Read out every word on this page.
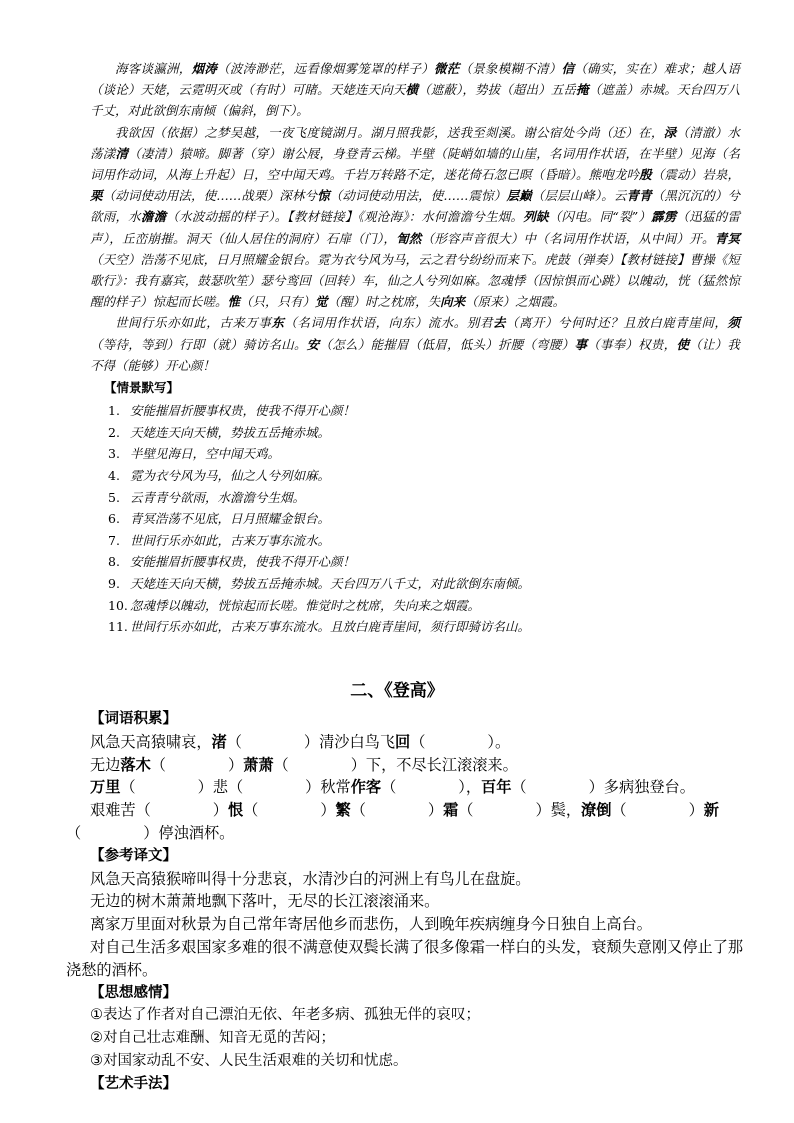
海客谈瀛洲，烟涛（波涛渺茫，远看像烟雾笼罩的样子）微茫（景象模糊不清）信（确实，实在）难求；越人语（谈论）天姥，云霓明灭或（有时）可睹。天姥连天向天横（遮蔽），势拔（超出）五岳掩（遮盖）赤城。天台四万八千丈，对此欲倒东南倾（偏斜，倒下）。

我欲因（依据）之梦吴越，一夜飞度镜湖月。湖月照我影，送我至剡溪。谢公宿处今尚（还）在，渌（清澈）水荡漾清（凄清）猿啼。脚著（穿）谢公屐，身登青云梯。半壁（陡峭如墙的山崖，名词用作状语，在半壁）见海（名词用作动词，从海上升起）日，空中闻天鸡。千岩万转路不定，迷花倚石忽已暝（昏暗）。熊咆龙吟殷（震动）岩泉，栗（动词使动用法，使……战栗）深林兮惊（动词使动用法，使……震惊）层巅（层层山峰）。云青青（黑沉沉的）兮欲雨，水澹澹（水波动摇的样子）。【教材链接】《观沧海》：水何澹澹兮生烟。列缺（闪电。同“裂”）霹雳（迅猛的雷声），丘峦崩摧。洞天（仙人居住的洞府）石扉（门），訇然（形容声音很大）中（名词用作状语，从中间）开。青冥（天空）浩荡不见底，日月照耀金银台。霓为衣兮风为马，云之君兮纷纷而来下。虎鼓（弹奏）【教材链接】曹操《短歌行》：我有嘉宾，鼓瑟吹笙）瑟兮鸾回（回转）车，仙之人兮列如麻。忽魂悸（因惊惧而心跳）以魄动，恍（猛然惊醒的样子）惊起而长嗟。惟（只，只有）觉（醒）时之枕席，失向来（原来）之烟霞。

世间行乐亦如此，古来万事东（名词用作状语，向东）流水。别君去（离开）兮何时还？且放白鹿青崖间，须（等待，等到）行即（就）骑访名山。安（怎么）能摧眉（低眉，低头）折腰（弯腰）事（事奉）权贵，使（让）我不得（能够）开心颜！

【情景默写】
1. 安能摧眉折腰事权贵，使我不得开心颜！
2. 天姥连天向天横，势拔五岳掩赤城。
3. 半壁见海日，空中闻天鸡。
4. 霓为衣兮风为马，仙之人兮列如麻。
5. 云青青兮欲雨，水澹澹兮生烟。
6. 青冥浩荡不见底，日月照耀金银台。
7. 世间行乐亦如此，古来万事东流水。
8. 安能摧眉折腰事权贵，使我不得开心颜！
9. 天姥连天向天横，势拔五岳掩赤城。天台四万八千丈，对此欲倒东南倾。
10. 忽魂悸以魄动，恍惊起而长嗟。惟觉时之枕席，失向来之烟霞。
11. 世间行乐亦如此，古来万事东流水。且放白鹿青崖间，须行即骑访名山。
二、《登高》
【词语积累】
风急天高猿啸哀，渚（	）清沙白鸟飞回（	）。
无边落木（	）萧萧（	）下，不尽长江滚滚来。
万里（	）悲（	）秋常作客（	），百年（	）多病独登台。
艰难苦（	）恨（	）繁（	）霜（	）鬓，潦倒（	）新
（	）停浊酒杯。
【参考译文】
风急天高猿猴啼叫得十分悲哀，水清沙白的河洲上有鸟儿在盘旋。
无边的树木萧萧地飘下落叶，无尽的长江滚滚涌来。
离家万里面对秋景为自己常年寄居他乡而悲伤，人到晚年疾病缠身今日独自上高台。
对自己生活多艰国家多难的很不满意使双鬓长满了很多像霜一样白的头发，衰颓失意刚又停止了那浇愁的酒杯。
【思想感情】
①表达了作者对自己漂泊无依、年老多病、孤独无伴的哀叹；
②对自己壮志难酬、知音无觅的苦闷；
③对国家动乱不安、人民生活艰难的关切和忧虑。
【艺术手法】
